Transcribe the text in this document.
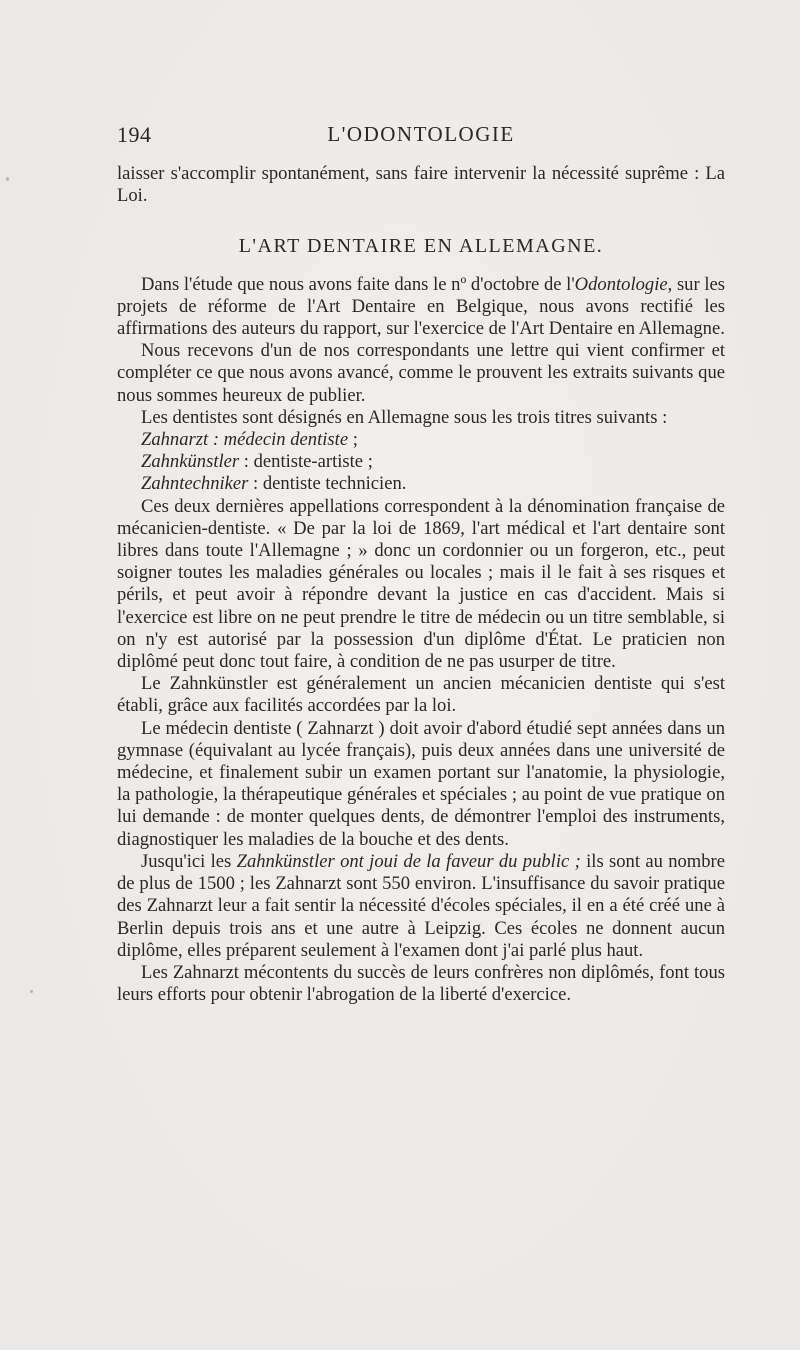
194	L'ODONTOLOGIE

laisser s'accomplir spontanément, sans faire intervenir la nécessité suprême : La Loi.

L'ART DENTAIRE EN ALLEMAGNE.

Dans l'étude que nous avons faite dans le nº d'octobre de l'Odontologie, sur les projets de réforme de l'Art Dentaire en Belgique, nous avons rectifié les affirmations des auteurs du rapport, sur l'exercice de l'Art Dentaire en Allemagne.

Nous recevons d'un de nos correspondants une lettre qui vient confirmer et compléter ce que nous avons avancé, comme le prouvent les extraits suivants que nous sommes heureux de publier.

Les dentistes sont désignés en Allemagne sous les trois titres suivants :

Zahnarzt : médecin dentiste ;
Zahnkünstler : dentiste-artiste ;
Zahntechniker : dentiste technicien.

Ces deux dernières appellations correspondent à la dénomination française de mécanicien-dentiste. « De par la loi de 1869, l'art médical et l'art dentaire sont libres dans toute l'Allemagne ; » donc un cordonnier ou un forgeron, etc., peut soigner toutes les maladies générales ou locales ; mais il le fait à ses risques et périls, et peut avoir à répondre devant la justice en cas d'accident. Mais si l'exercice est libre on ne peut prendre le titre de médecin ou un titre semblable, si on n'y est autorisé par la possession d'un diplôme d'État. Le praticien non diplômé peut donc tout faire, à condition de ne pas usurper de titre.

Le Zahnkünstler est généralement un ancien mécanicien dentiste qui s'est établi, grâce aux facilités accordées par la loi.

Le médecin dentiste ( Zahnarzt ) doit avoir d'abord étudié sept années dans un gymnase (équivalant au lycée français), puis deux années dans une université de médecine, et finalement subir un examen portant sur l'anatomie, la physiologie, la pathologie, la thérapeutique générales et spéciales ; au point de vue pratique on lui demande : de monter quelques dents, de démontrer l'emploi des instruments, diagnostiquer les maladies de la bouche et des dents.

Jusqu'ici les Zahnkünstler ont joui de la faveur du public ; ils sont au nombre de plus de 1500 ; les Zahnarzt sont 550 environ. L'insuffisance du savoir pratique des Zahnarzt leur a fait sentir la nécessité d'écoles spéciales, il en a été créé une à Berlin depuis trois ans et une autre à Leipzig. Ces écoles ne donnent aucun diplôme, elles préparent seulement à l'examen dont j'ai parlé plus haut.

Les Zahnarzt mécontents du succès de leurs confrères non diplômés, font tous leurs efforts pour obtenir l'abrogation de la liberté d'exercice.
